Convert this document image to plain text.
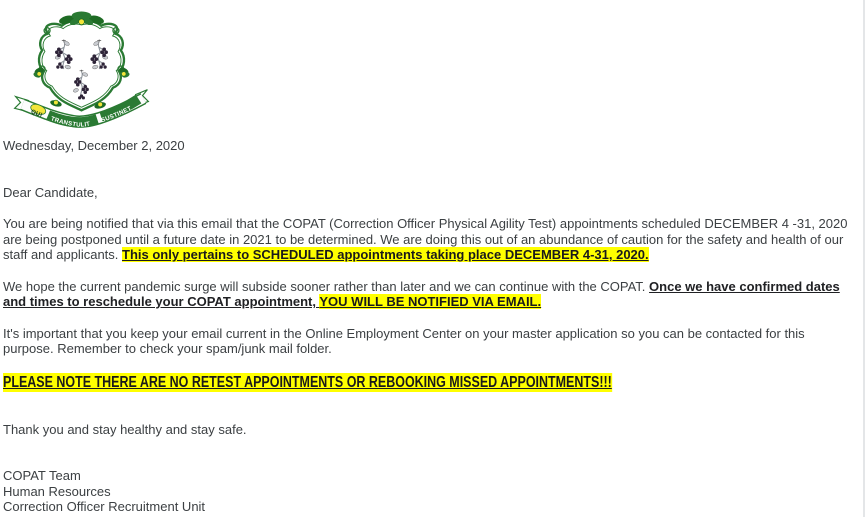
QUI
TRANSTULIT
SUSTINET
Wednesday, December 2, 2020
Dear Candidate,

You are being notified that via this email that the COPAT (Correction Officer Physical Agility Test) appointments scheduled DECEMBER 4 -31, 2020 are being postponed until a future date in 2021 to be determined. We are doing this out of an abundance of caution for the safety and health of our staff and applicants. This only pertains to SCHEDULED appointments taking place DECEMBER 4-31, 2020.

We hope the current pandemic surge will subside sooner rather than later and we can continue with the COPAT. Once we have confirmed dates and times to reschedule your COPAT appointment, YOU WILL BE NOTIFIED VIA EMAIL.

It's important that you keep your email current in the Online Employment Center on your master application so you can be contacted for this purpose. Remember to check your spam/junk mail folder.

PLEASE NOTE THERE ARE NO RETEST APPOINTMENTS OR REBOOKING MISSED APPOINTMENTS!!!

Thank you and stay healthy and stay safe.
COPAT Team
Human Resources
Correction Officer Recruitment Unit
